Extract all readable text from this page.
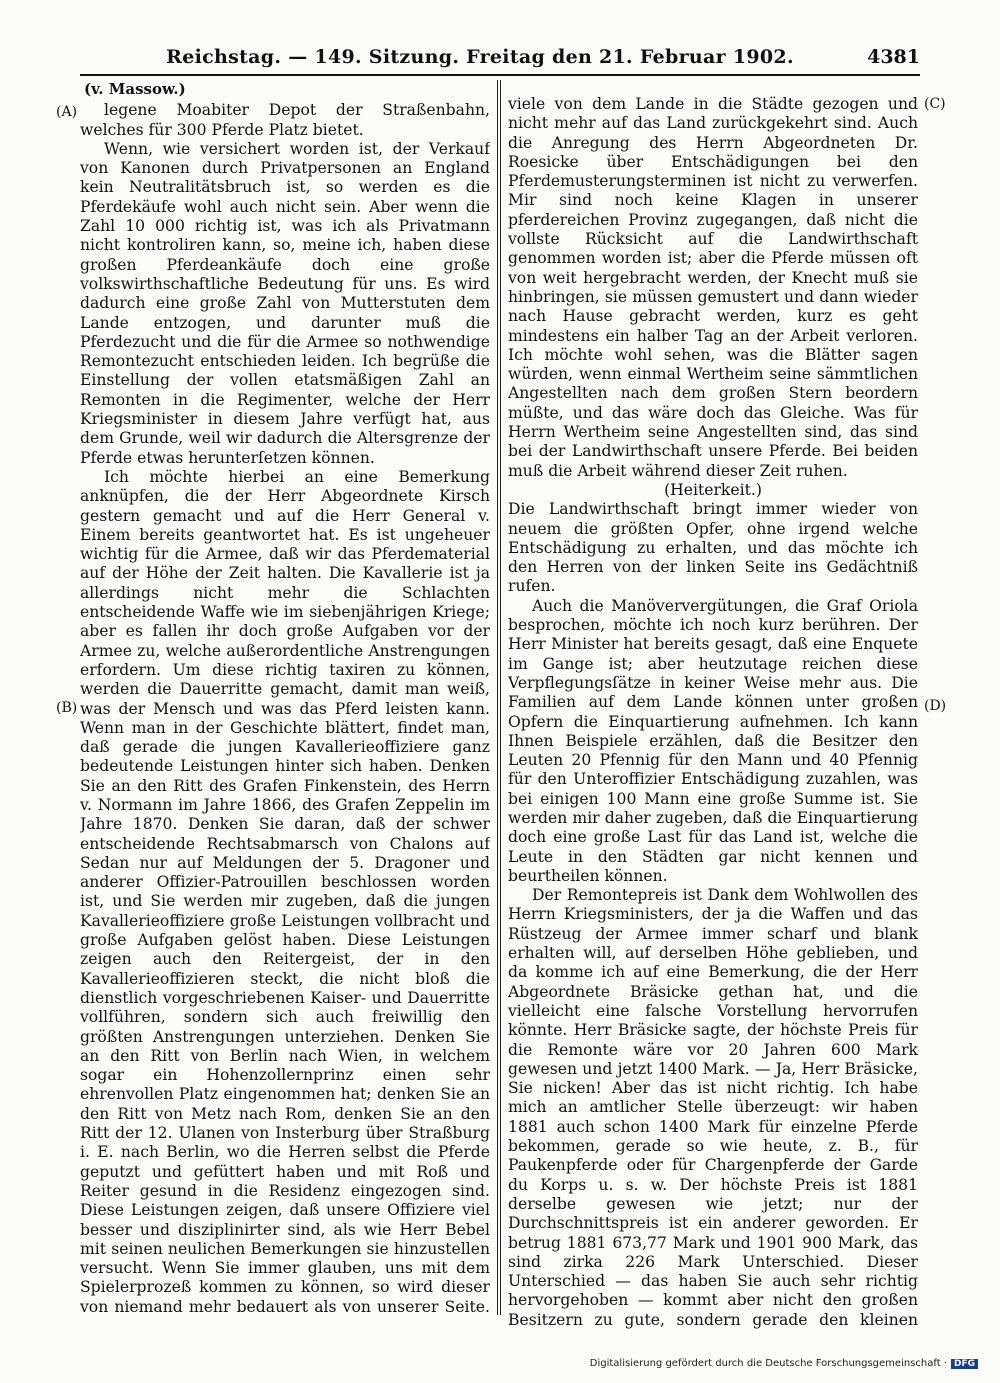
Reichstag. — 149. Sitzung. Freitag den 21. Februar 1902.	4381
(A)
(B)
(C)
(D)
(v. Massow.)

legene Moabiter Depot der Straßenbahn, welches für 300 Pferde Platz bietet.

Wenn, wie versichert worden ist, der Verkauf von Kanonen durch Privatpersonen an England kein Neutralitätsbruch ist, so werden es die Pferdekäufe wohl auch nicht sein. Aber wenn die Zahl 10 000 richtig ist, was ich als Privatmann nicht kontroliren kann, so, meine ich, haben diese großen Pferdeankäufe doch eine große volkswirthschaftliche Bedeutung für uns. Es wird dadurch eine große Zahl von Mutterstuten dem Lande entzogen, und darunter muß die Pferdezucht und die für die Armee so nothwendige Remontezucht entschieden leiden. Ich begrüße die Einstellung der vollen etatsmäßigen Zahl an Remonten in die Regimenter, welche der Herr Kriegsminister in diesem Jahre verfügt hat, aus dem Grunde, weil wir dadurch die Altersgrenze der Pferde etwas herunterſetzen können.

Ich möchte hierbei an eine Bemerkung anknüpfen, die der Herr Abgeordnete Kirsch gestern gemacht und auf die Herr General v. Einem bereits geantwortet hat. Es ist ungeheuer wichtig für die Armee, daß wir das Pferdematerial auf der Höhe der Zeit halten. Die Kavallerie ist ja allerdings nicht mehr die Schlachten entscheidende Waffe wie im siebenjährigen Kriege; aber es fallen ihr doch große Aufgaben vor der Armee zu, welche außerordentliche Anstrengungen erfordern. Um diese richtig taxiren zu können, werden die Dauerritte gemacht, damit man weiß, was der Mensch und was das Pferd leisten kann. Wenn man in der Geschichte blättert, findet man, daß gerade die jungen Kavallerieoffiziere ganz bedeutende Leistungen hinter sich haben. Denken Sie an den Ritt des Grafen Finkenstein, des Herrn v. Normann im Jahre 1866, des Grafen Zeppelin im Jahre 1870. Denken Sie daran, daß der schwer entscheidende Rechtsabmarsch von Chalons auf Sedan nur auf Meldungen der 5. Dragoner und anderer Offizier-Patrouillen beschlossen worden ist, und Sie werden mir zugeben, daß die jungen Kavallerieoffiziere große Leistungen vollbracht und große Aufgaben gelöst haben. Diese Leistungen zeigen auch den Reitergeist, der in den Kavallerieoffizieren steckt, die nicht bloß die dienstlich vorgeschriebenen Kaiser- und Dauerritte vollführen, sondern sich auch freiwillig den größten Anstrengungen unterziehen. Denken Sie an den Ritt von Berlin nach Wien, in welchem sogar ein Hohenzollernprinz einen sehr ehrenvollen Platz eingenommen hat; denken Sie an den Ritt von Metz nach Rom, denken Sie an den Ritt der 12. Ulanen von Insterburg über Straßburg i. E. nach Berlin, wo die Herren selbst die Pferde geputzt und gefüttert haben und mit Roß und Reiter gesund in die Residenz eingezogen sind. Diese Leistungen zeigen, daß unsere Offiziere viel besser und disziplinirter sind, als wie Herr Bebel mit seinen neulichen Bemerkungen sie hinzustellen versucht. Wenn Sie immer glauben, uns mit dem Spielerprozeß kommen zu können, so wird dieser von niemand mehr bedauert als von unserer Seite.

viele von dem Lande in die Städte gezogen und nicht mehr auf das Land zurückgekehrt sind. Auch die Anregung des Herrn Abgeordneten Dr. Roesicke über Entschädigungen bei den Pferdemusterungsterminen ist nicht zu verwerfen. Mir sind noch keine Klagen in unserer pferdereichen Provinz zugegangen, daß nicht die vollste Rücksicht auf die Landwirthschaft genommen worden ist; aber die Pferde müssen oft von weit hergebracht werden, der Knecht muß sie hinbringen, sie müssen gemustert und dann wieder nach Hause gebracht werden, kurz es geht mindestens ein halber Tag an der Arbeit verloren. Ich möchte wohl sehen, was die Blätter sagen würden, wenn einmal Wertheim seine sämmtlichen Angestellten nach dem großen Stern beordern müßte, und das wäre doch das Gleiche. Was für Herrn Wertheim seine Angestellten sind, das sind bei der Landwirthschaft unsere Pferde. Bei beiden muß die Arbeit während dieser Zeit ruhen.

(Heiterkeit.)

Die Landwirthschaft bringt immer wieder von neuem die größten Opfer, ohne irgend welche Entschädigung zu erhalten, und das möchte ich den Herren von der linken Seite ins Gedächtniß rufen.

Auch die Manöververgütungen, die Graf Oriola besprochen, möchte ich noch kurz berühren. Der Herr Minister hat bereits gesagt, daß eine Enquete im Gange ist; aber heutzutage reichen diese Verpflegungsſätze in keiner Weise mehr aus. Die Familien auf dem Lande können unter großen Opfern die Einquartierung aufnehmen. Ich kann Ihnen Beispiele erzählen, daß die Besitzer den Leuten 20 Pfennig für den Mann und 40 Pfennig für den Unteroffizier Entschädigung zuzahlen, was bei einigen 100 Mann eine große Summe ist. Sie werden mir daher zugeben, daß die Einquartierung doch eine große Last für das Land ist, welche die Leute in den Städten gar nicht kennen und beurtheilen können.

Der Remontepreis ist Dank dem Wohlwollen des Herrn Kriegsministers, der ja die Waffen und das Rüstzeug der Armee immer scharf und blank erhalten will, auf derselben Höhe geblieben, und da komme ich auf eine Bemerkung, die der Herr Abgeordnete Bräsicke gethan hat, und die vielleicht eine falsche Vorstellung hervorrufen könnte. Herr Bräsicke sagte, der höchste Preis für die Remonte wäre vor 20 Jahren 600 Mark gewesen und jetzt 1400 Mark. — Ja, Herr Bräsicke, Sie nicken! Aber das ist nicht richtig. Ich habe mich an amtlicher Stelle überzeugt: wir haben 1881 auch schon 1400 Mark für einzelne Pferde bekommen, gerade so wie heute, z. B., für Paukenpferde oder für Chargenpferde der Garde du Korps u. s. w. Der höchste Preis ist 1881 derselbe gewesen wie jetzt; nur der Durchschnittspreis ist ein anderer geworden. Er betrug 1881 673,77 Mark und 1901 900 Mark, das sind zirka 226 Mark Unterschied. Dieser Unterschied — das haben Sie auch sehr richtig hervorgehoben — kommt aber nicht den großen Besitzern zu gute, sondern gerade den kleinen

Digitalisierung gefördert durch die Deutsche Forschungsgemeinschaft · DFG
